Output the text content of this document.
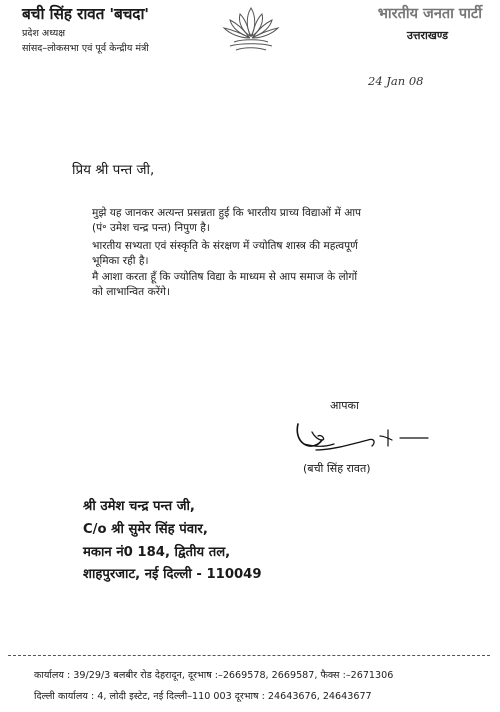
बची सिंह रावत 'बचदा'
प्रदेश अध्यक्ष
सांसद–लोकसभा एवं पूर्व केन्द्रीय मंत्री
भारतीय जनता पार्टी
उत्तराखण्ड
24 Jan 08
प्रिय श्री पन्त जी,
मुझे यह जानकर अत्यन्त प्रसन्नता हुई कि भारतीय प्राच्य विद्याओं में आप
(पं॰ उमेश चन्द्र पन्त) निपुण है।
भारतीय सभ्यता एवं संस्कृति के संरक्षण में ज्योतिष शास्त्र की महत्वपूर्ण
भूमिका रही है।
मै आशा करता हूँ कि ज्योतिष विद्या के माध्यम से आप समाज के लोगों
को लाभान्वित करेंगे।
आपका
(बची सिंह रावत)
श्री उमेश चन्द्र पन्त जी,
C/o श्री सुमेर सिंह पंवार,
मकान नं0 184, द्वितीय तल,
शाहपुरजाट, नई दिल्ली - 110049
कार्यालय : 39/29/3 बलबीर रोड देहरादून, दूरभाष :–2669578, 2669587, फैक्स :–2671306
दिल्ली कार्यालय : 4, लोदी इस्टेट, नई दिल्ली–110 003 दूरभाष : 24643676, 24643677
